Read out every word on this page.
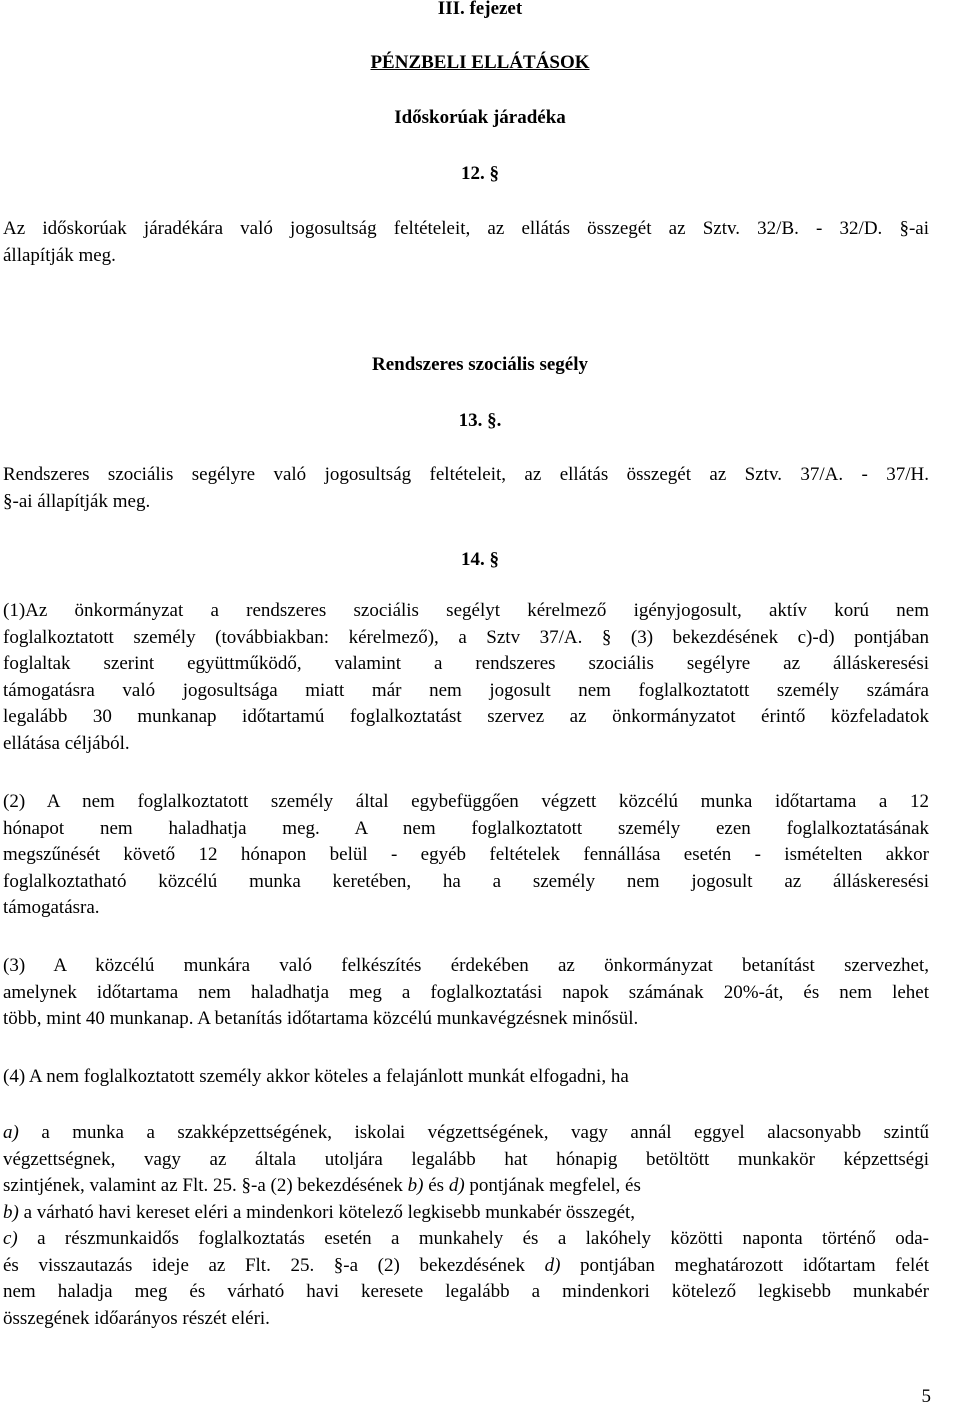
III. fejezet
PÉNZBELI ELLÁTÁSOK
Időskorúak járadéka
12. §
Az időskorúak járadékára való jogosultság feltételeit, az ellátás összegét az Sztv. 32/B. - 32/D. §-ai
állapítják meg.
Rendszeres szociális segély
13. §.
Rendszeres szociális segélyre való jogosultság feltételeit, az ellátás összegét az Sztv. 37/A. - 37/H.
§-ai állapítják meg.
14. §
(1)Az önkormányzat a rendszeres szociális segélyt kérelmező igényjogosult, aktív korú nem
foglalkoztatott személy (továbbiakban: kérelmező), a Sztv 37/A. § (3) bekezdésének c)-d) pontjában
foglaltak szerint együttműködő, valamint a rendszeres szociális segélyre az álláskeresési
támogatásra való jogosultsága miatt már nem jogosult nem foglalkoztatott személy számára
legalább 30 munkanap időtartamú foglalkoztatást szervez az önkormányzatot érintő közfeladatok
ellátása céljából.
(2) A nem foglalkoztatott személy által egybefüggően végzett közcélú munka időtartama a 12
hónapot nem haladhatja meg. A nem foglalkoztatott személy ezen foglalkoztatásának
megszűnését követő 12 hónapon belül - egyéb feltételek fennállása esetén - ismételten akkor
foglalkoztatható közcélú munka keretében, ha a személy nem jogosult az álláskeresési
támogatásra.
(3) A közcélú munkára való felkészítés érdekében az önkormányzat betanítást szervezhet,
amelynek időtartama nem haladhatja meg a foglalkoztatási napok számának 20%-át, és nem lehet
több, mint 40 munkanap. A betanítás időtartama közcélú munkavégzésnek minősül.
(4) A nem foglalkoztatott személy akkor köteles a felajánlott munkát elfogadni, ha
a) a munka a szakképzettségének, iskolai végzettségének, vagy annál eggyel alacsonyabb szintű
végzettségnek, vagy az általa utoljára legalább hat hónapig betöltött munkakör képzettségi
szintjének, valamint az Flt. 25. §-a (2) bekezdésének b) és d) pontjának megfelel, és
b) a várható havi kereset eléri a mindenkori kötelező legkisebb munkabér összegét,
c) a részmunkaidős foglalkoztatás esetén a munkahely és a lakóhely közötti naponta történő oda-
és visszautazás ideje az Flt. 25. §-a (2) bekezdésének d) pontjában meghatározott időtartam felét
nem haladja meg és várható havi keresete legalább a mindenkori kötelező legkisebb munkabér
összegének időarányos részét eléri.
5
